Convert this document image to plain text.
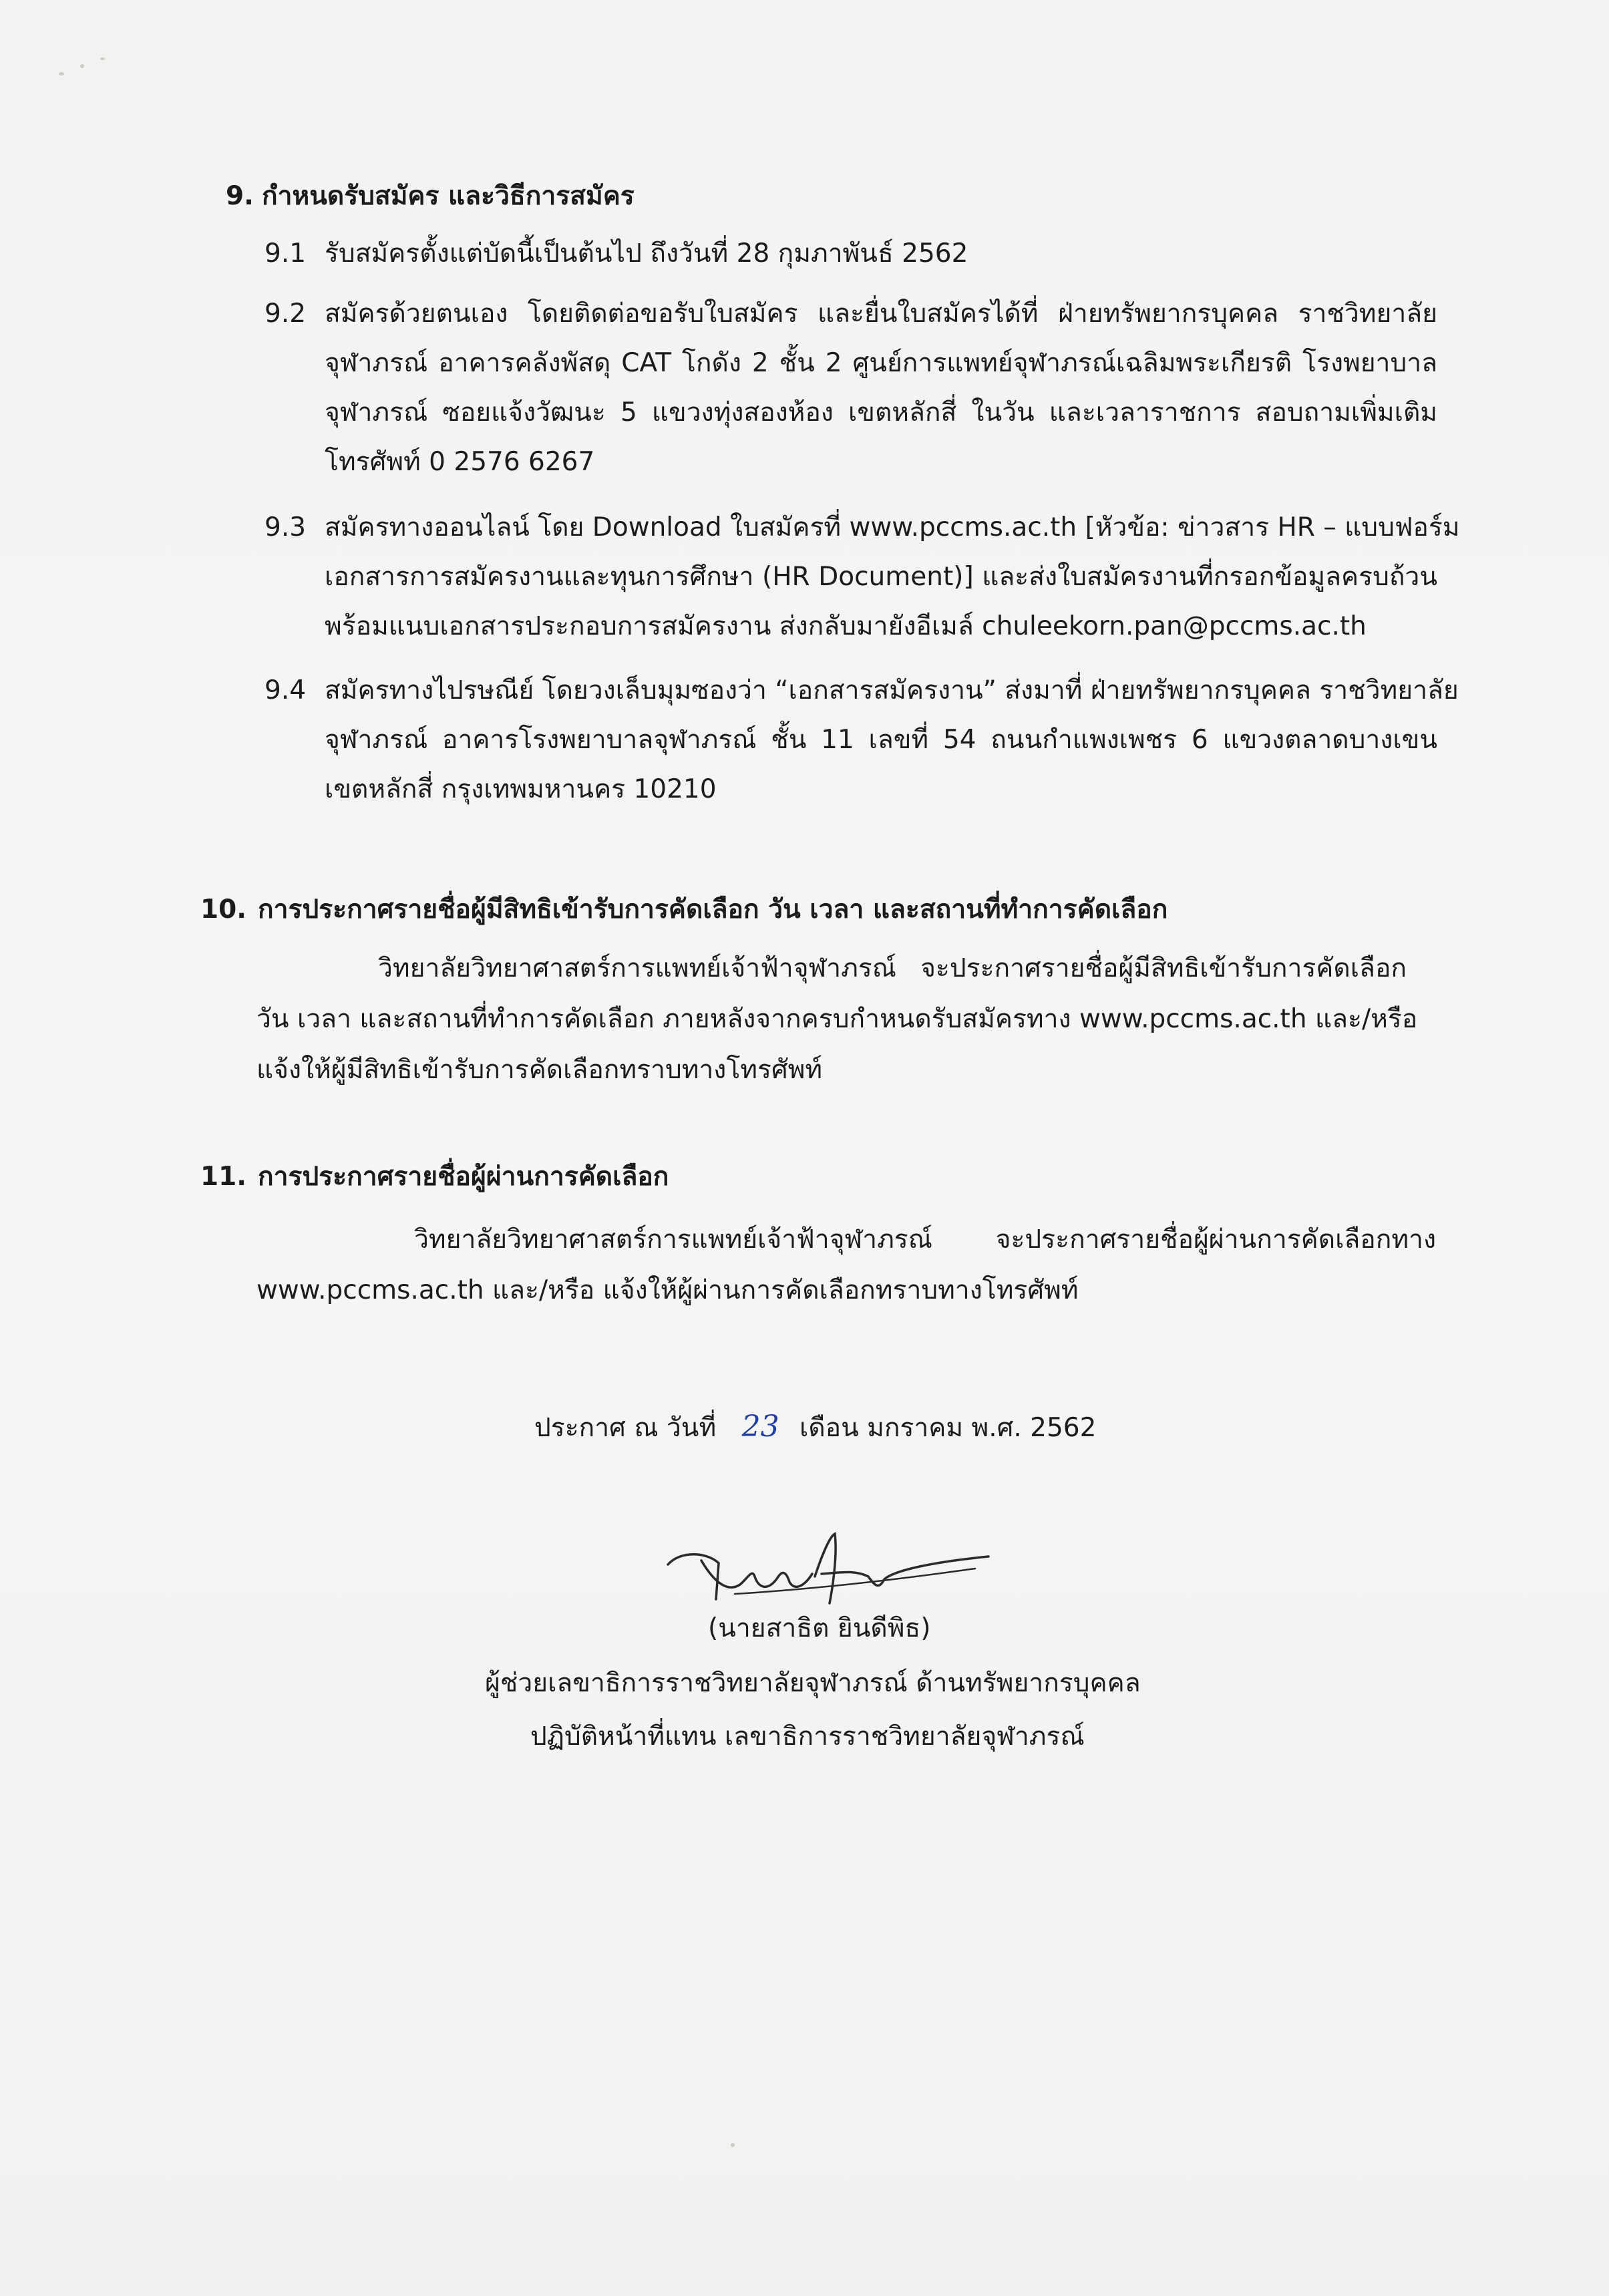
9. กำหนดรับสมัคร และวิธีการสมัคร
9.1 รับสมัครตั้งแต่บัดนี้เป็นต้นไป ถึงวันที่ 28 กุมภาพันธ์ 2562
9.2 สมัครด้วยตนเอง โดยติดต่อขอรับใบสมัคร และยื่นใบสมัครได้ที่ ฝ่ายทรัพยากรบุคคล ราชวิทยาลัย
จุฬาภรณ์ อาคารคลังพัสดุ CAT โกดัง 2 ชั้น 2 ศูนย์การแพทย์จุฬาภรณ์เฉลิมพระเกียรติ โรงพยาบาล
จุฬาภรณ์ ซอยแจ้งวัฒนะ 5 แขวงทุ่งสองห้อง เขตหลักสี่ ในวัน และเวลาราชการ สอบถามเพิ่มเติม
โทรศัพท์ 0 2576 6267
9.3 สมัครทางออนไลน์ โดย Download ใบสมัครที่ www.pccms.ac.th [หัวข้อ: ข่าวสาร HR – แบบฟอร์ม
เอกสารการสมัครงานและทุนการศึกษา (HR Document)] และส่งใบสมัครงานที่กรอกข้อมูลครบถ้วน
พร้อมแนบเอกสารประกอบการสมัครงาน ส่งกลับมายังอีเมล์ chuleekorn.pan@pccms.ac.th
9.4 สมัครทางไปรษณีย์ โดยวงเล็บมุมซองว่า “เอกสารสมัครงาน” ส่งมาที่ ฝ่ายทรัพยากรบุคคล ราชวิทยาลัย
จุฬาภรณ์ อาคารโรงพยาบาลจุฬาภรณ์ ชั้น 11 เลขที่ 54 ถนนกำแพงเพชร 6 แขวงตลาดบางเขน
เขตหลักสี่ กรุงเทพมหานคร 10210
10. การประกาศรายชื่อผู้มีสิทธิเข้ารับการคัดเลือก วัน เวลา และสถานที่ทำการคัดเลือก
วิทยาลัยวิทยาศาสตร์การแพทย์เจ้าฟ้าจุฬาภรณ์ จะประกาศรายชื่อผู้มีสิทธิเข้ารับการคัดเลือก
วัน เวลา และสถานที่ทำการคัดเลือก ภายหลังจากครบกำหนดรับสมัครทาง www.pccms.ac.th และ/หรือ
แจ้งให้ผู้มีสิทธิเข้ารับการคัดเลือกทราบทางโทรศัพท์
11. การประกาศรายชื่อผู้ผ่านการคัดเลือก
วิทยาลัยวิทยาศาสตร์การแพทย์เจ้าฟ้าจุฬาภรณ์ จะประกาศรายชื่อผู้ผ่านการคัดเลือกทาง
www.pccms.ac.th และ/หรือ แจ้งให้ผู้ผ่านการคัดเลือกทราบทางโทรศัพท์
ประกาศ ณ วันที่ 23 เดือน มกราคม พ.ศ. 2562
(นายสาธิต ยินดีพิธ)
ผู้ช่วยเลขาธิการราชวิทยาลัยจุฬาภรณ์ ด้านทรัพยากรบุคคล
ปฏิบัติหน้าที่แทน เลขาธิการราชวิทยาลัยจุฬาภรณ์
